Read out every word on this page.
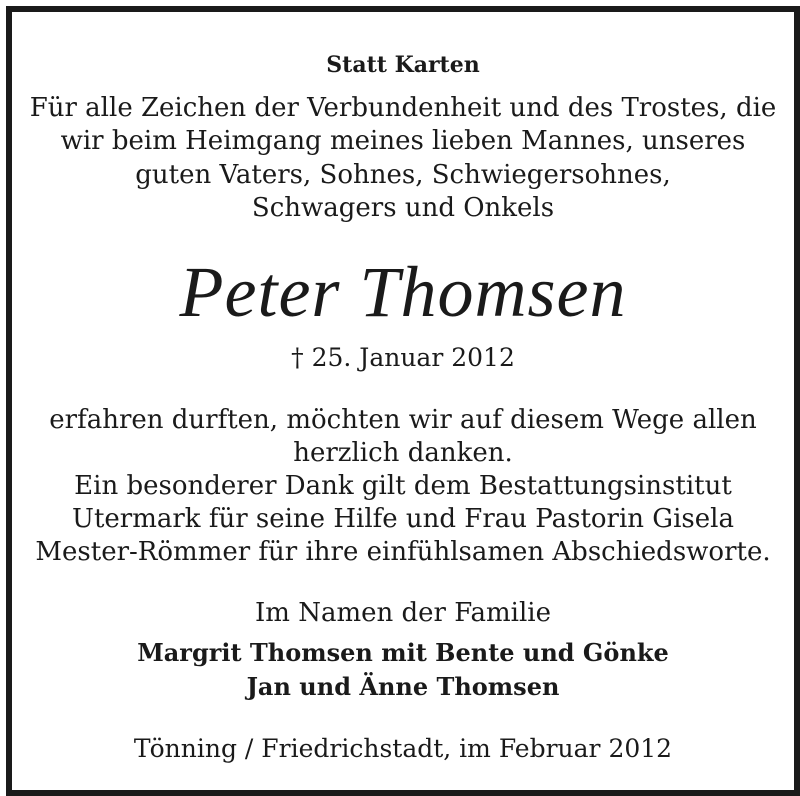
Statt Karten
Für alle Zeichen der Verbundenheit und des Trostes, die
wir beim Heimgang meines lieben Mannes, unseres
guten Vaters, Sohnes, Schwiegersohnes,
Schwagers und Onkels
Peter Thomsen
† 25. Januar 2012
erfahren durften, möchten wir auf diesem Wege allen
herzlich danken.
Ein besonderer Dank gilt dem Bestattungsinstitut
Utermark für seine Hilfe und Frau Pastorin Gisela
Mester-Römmer für ihre einfühlsamen Abschiedsworte.
Im Namen der Familie
Margrit Thomsen mit Bente und Gönke
Jan und Änne Thomsen
Tönning / Friedrichstadt, im Februar 2012
